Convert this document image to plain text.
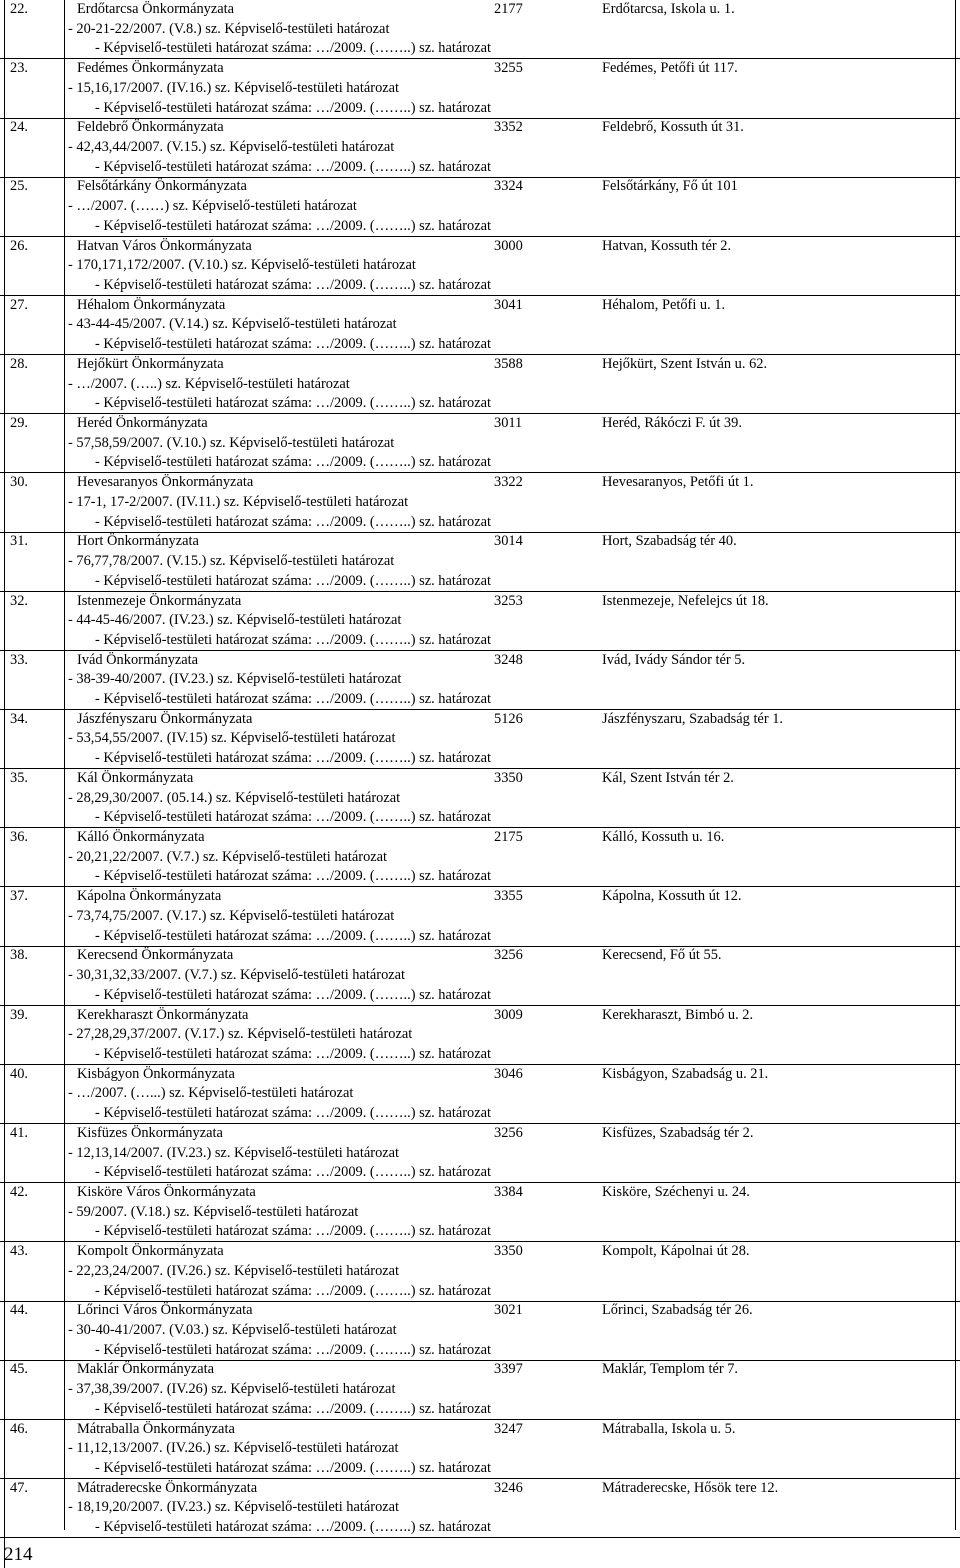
22.	Erdőtarcsa Önkormányzata	2177	Erdőtarcsa, Iskola u. 1.
- 20-21-22/2007. (V.8.) sz. Képviselő-testületi határozat
- Képviselő-testületi határozat száma: …/2009. (……..) sz. határozat
23.	Fedémes Önkormányzata	3255	Fedémes, Petőfi út 117.
- 15,16,17/2007. (IV.16.) sz. Képviselő-testületi határozat
- Képviselő-testületi határozat száma: …/2009. (……..) sz. határozat
24.	Feldebrő Önkormányzata	3352	Feldebrő, Kossuth út 31.
- 42,43,44/2007. (V.15.) sz. Képviselő-testületi határozat
- Képviselő-testületi határozat száma: …/2009. (……..) sz. határozat
25.	Felsőtárkány Önkormányzata	3324	Felsőtárkány, Fő út 101
- …/2007. (……) sz. Képviselő-testületi határozat
- Képviselő-testületi határozat száma: …/2009. (……..) sz. határozat
26.	Hatvan Város Önkormányzata	3000	Hatvan, Kossuth tér 2.
- 170,171,172/2007. (V.10.) sz. Képviselő-testületi határozat
- Képviselő-testületi határozat száma: …/2009. (……..) sz. határozat
27.	Héhalom Önkormányzata	3041	Héhalom, Petőfi u. 1.
- 43-44-45/2007. (V.14.) sz. Képviselő-testületi határozat
- Képviselő-testületi határozat száma: …/2009. (……..) sz. határozat
28.	Hejőkürt Önkormányzata	3588	Hejőkürt, Szent István u. 62.
- …/2007. (…..) sz. Képviselő-testületi határozat
- Képviselő-testületi határozat száma: …/2009. (……..) sz. határozat
29.	Heréd Önkormányzata	3011	Heréd, Rákóczi F. út 39.
- 57,58,59/2007. (V.10.) sz. Képviselő-testületi határozat
- Képviselő-testületi határozat száma: …/2009. (……..) sz. határozat
30.	Hevesaranyos Önkormányzata	3322	Hevesaranyos, Petőfi út 1.
- 17-1, 17-2/2007. (IV.11.) sz. Képviselő-testületi határozat
- Képviselő-testületi határozat száma: …/2009. (……..) sz. határozat
31.	Hort Önkormányzata	3014	Hort, Szabadság tér 40.
- 76,77,78/2007. (V.15.) sz. Képviselő-testületi határozat
- Képviselő-testületi határozat száma: …/2009. (……..) sz. határozat
32.	Istenmezeje Önkormányzata	3253	Istenmezeje, Nefelejcs út 18.
- 44-45-46/2007. (IV.23.) sz. Képviselő-testületi határozat
- Képviselő-testületi határozat száma: …/2009. (……..) sz. határozat
33.	Ivád Önkormányzata	3248	Ivád, Ivády Sándor tér 5.
- 38-39-40/2007. (IV.23.) sz. Képviselő-testületi határozat
- Képviselő-testületi határozat száma: …/2009. (……..) sz. határozat
34.	Jászfényszaru Önkormányzata	5126	Jászfényszaru, Szabadság tér 1.
- 53,54,55/2007. (IV.15) sz. Képviselő-testületi határozat
- Képviselő-testületi határozat száma: …/2009. (……..) sz. határozat
35.	Kál Önkormányzata	3350	Kál, Szent István tér 2.
- 28,29,30/2007. (05.14.) sz. Képviselő-testületi határozat
- Képviselő-testületi határozat száma: …/2009. (……..) sz. határozat
36.	Kálló Önkormányzata	2175	Kálló, Kossuth u. 16.
- 20,21,22/2007. (V.7.) sz. Képviselő-testületi határozat
- Képviselő-testületi határozat száma: …/2009. (……..) sz. határozat
37.	Kápolna Önkormányzata	3355	Kápolna, Kossuth út 12.
- 73,74,75/2007. (V.17.) sz. Képviselő-testületi határozat
- Képviselő-testületi határozat száma: …/2009. (……..) sz. határozat
38.	Kerecsend Önkormányzata	3256	Kerecsend, Fő út 55.
- 30,31,32,33/2007. (V.7.) sz. Képviselő-testületi határozat
- Képviselő-testületi határozat száma: …/2009. (……..) sz. határozat
39.	Kerekharaszt Önkormányzata	3009	Kerekharaszt, Bimbó u. 2.
- 27,28,29,37/2007. (V.17.) sz. Képviselő-testületi határozat
- Képviselő-testületi határozat száma: …/2009. (……..) sz. határozat
40.	Kisbágyon Önkormányzata	3046	Kisbágyon, Szabadság u. 21.
- …/2007. (…...) sz. Képviselő-testületi határozat
- Képviselő-testületi határozat száma: …/2009. (……..) sz. határozat
41.	Kisfüzes Önkormányzata	3256	Kisfüzes, Szabadság tér 2.
- 12,13,14/2007. (IV.23.) sz. Képviselő-testületi határozat
- Képviselő-testületi határozat száma: …/2009. (……..) sz. határozat
42.	Kisköre Város Önkormányzata	3384	Kisköre, Széchenyi u. 24.
- 59/2007. (V.18.) sz. Képviselő-testületi határozat
- Képviselő-testületi határozat száma: …/2009. (……..) sz. határozat
43.	Kompolt Önkormányzata	3350	Kompolt, Kápolnai út 28.
- 22,23,24/2007. (IV.26.) sz. Képviselő-testületi határozat
- Képviselő-testületi határozat száma: …/2009. (……..) sz. határozat
44.	Lőrinci Város Önkormányzata	3021	Lőrinci, Szabadság tér 26.
- 30-40-41/2007. (V.03.) sz. Képviselő-testületi határozat
- Képviselő-testületi határozat száma: …/2009. (……..) sz. határozat
45.	Maklár Önkormányzata	3397	Maklár, Templom tér 7.
- 37,38,39/2007. (IV.26) sz. Képviselő-testületi határozat
- Képviselő-testületi határozat száma: …/2009. (……..) sz. határozat
46.	Mátraballa Önkormányzata	3247	Mátraballa, Iskola u. 5.
- 11,12,13/2007. (IV.26.) sz. Képviselő-testületi határozat
- Képviselő-testületi határozat száma: …/2009. (……..) sz. határozat
47.	Mátraderecske Önkormányzata	3246	Mátraderecske, Hősök tere 12.
- 18,19,20/2007. (IV.23.) sz. Képviselő-testületi határozat
- Képviselő-testületi határozat száma: …/2009. (……..) sz. határozat
214
